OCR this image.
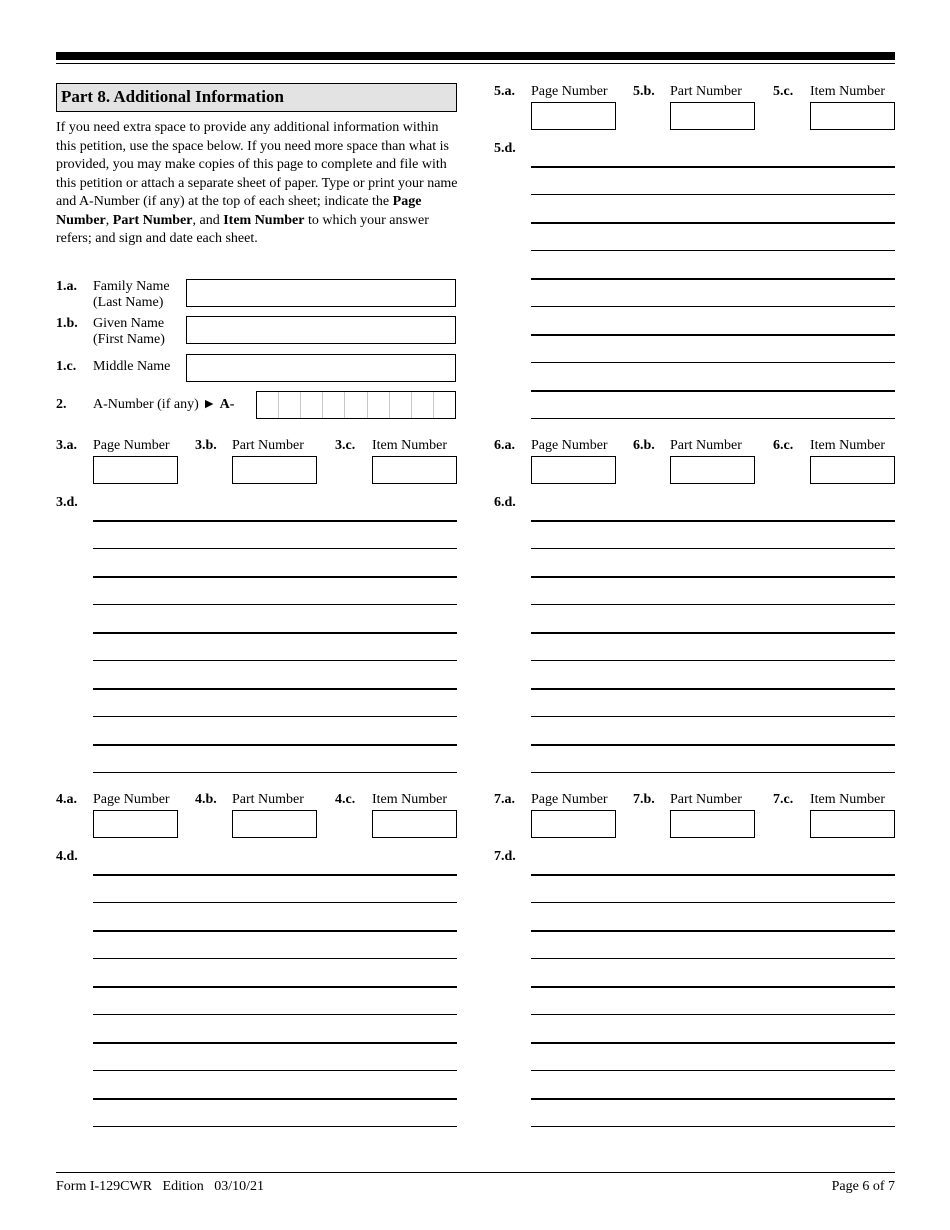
Part 8. Additional Information
If you need extra space to provide any additional information within this petition, use the space below. If you need more space than what is provided, you may make copies of this page to complete and file with this petition or attach a separate sheet of paper. Type or print your name and A-Number (if any) at the top of each sheet; indicate the Page Number, Part Number, and Item Number to which your answer refers; and sign and date each sheet.
1.a. Family Name
(Last Name)
1.b. Given Name
(First Name)
1.c. Middle Name
2. A-Number (if any) ► A-
3.a. Page Number 3.b. Part Number 3.c. Item Number
3.d.
4.a. Page Number 4.b. Part Number 4.c. Item Number
4.d.
5.a. Page Number 5.b. Part Number 5.c. Item Number
5.d.
6.a. Page Number 6.b. Part Number 6.c. Item Number
6.d.
7.a. Page Number 7.b. Part Number 7.c. Item Number
7.d.
Form I-129CWR   Edition   03/10/21	Page 6 of 7
